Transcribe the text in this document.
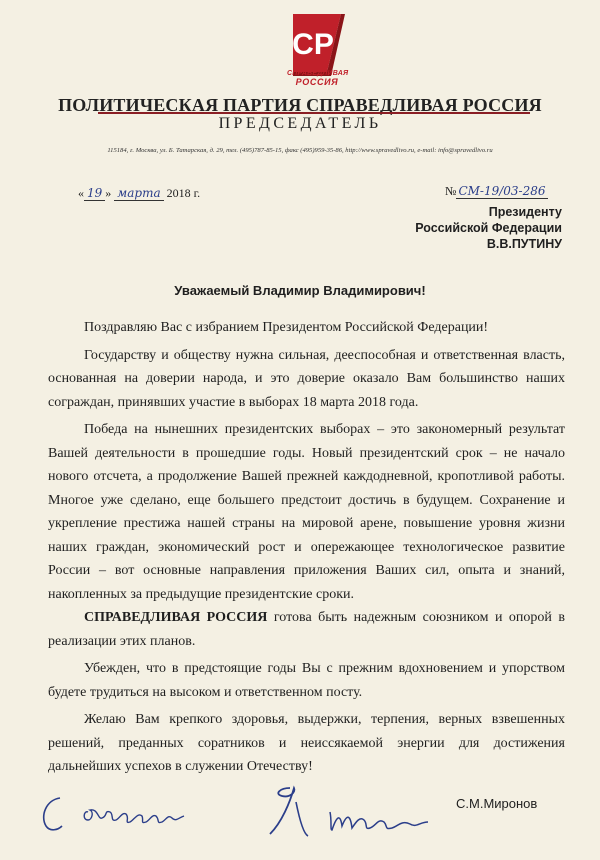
СР
СПРАВЕДЛИВАЯ
РОССИЯ
ПОЛИТИЧЕСКАЯ ПАРТИЯ СПРАВЕДЛИВАЯ РОССИЯ
ПРЕДСЕДАТЕЛЬ
115184, г. Москва, ул. Б. Татарская, д. 29, тел. (495)787-85-15, факс (495)959-35-86, http://www.spravedlivo.ru, e-mail: info@spravedlivo.ru
« 19 » марта 2018 г.	№ СМ-19/03-286
Президенту
Российской Федерации
В.В.ПУТИНУ
Уважаемый Владимир Владимирович!

Поздравляю Вас с избранием Президентом Российской Федерации!

Государству и обществу нужна сильная, дееспособная и ответственная власть, основанная на доверии народа, и это доверие оказало Вам большинство наших сограждан, принявших участие в выборах 18 марта 2018 года.

Победа на нынешних президентских выборах – это закономерный результат Вашей деятельности в прошедшие годы. Новый президентский срок – не начало нового отсчета, а продолжение Вашей прежней каждодневной, кропотливой работы. Многое уже сделано, еще большего предстоит достичь в будущем. Сохранение и укрепление престижа нашей страны на мировой арене, повышение уровня жизни наших граждан, экономический рост и опережающее технологическое развитие России – вот основные направления приложения Ваших сил, опыта и знаний, накопленных за предыдущие президентские сроки.

СПРАВЕДЛИВАЯ РОССИЯ готова быть надежным союзником и опорой в реализации этих планов.

Убежден, что в предстоящие годы Вы с прежним вдохновением и упорством будете трудиться на высоком и ответственном посту.

Желаю Вам крепкого здоровья, выдержки, терпения, верных взвешенных решений, преданных соратников и неиссякаемой энергии для достижения дальнейших успехов в служении Отечеству!

С.М.Миронов
